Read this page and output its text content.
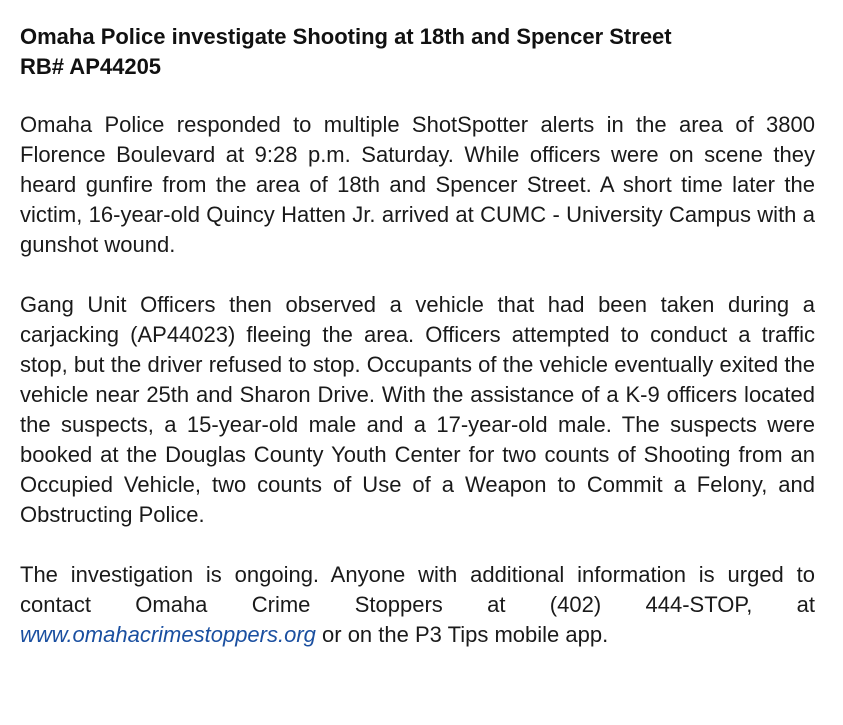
Omaha Police investigate Shooting at 18th and Spencer Street
RB# AP44205

Omaha Police responded to multiple ShotSpotter alerts in the area of 3800 Florence Boulevard at 9:28 p.m. Saturday. While officers were on scene they heard gunfire from the area of 18th and Spencer Street. A short time later the victim, 16-year-old Quincy Hatten Jr. arrived at CUMC - University Campus with a gunshot wound.

Gang Unit Officers then observed a vehicle that had been taken during a carjacking (AP44023) fleeing the area. Officers attempted to conduct a traffic stop, but the driver refused to stop. Occupants of the vehicle eventually exited the vehicle near 25th and Sharon Drive. With the assistance of a K-9 officers located the suspects, a 15-year-old male and a 17-year-old male. The suspects were booked at the Douglas County Youth Center for two counts of Shooting from an Occupied Vehicle, two counts of Use of a Weapon to Commit a Felony, and Obstructing Police.

The investigation is ongoing. Anyone with additional information is urged to contact Omaha Crime Stoppers at (402) 444-STOP, at www.omahacrimestoppers.org or on the P3 Tips mobile app.
